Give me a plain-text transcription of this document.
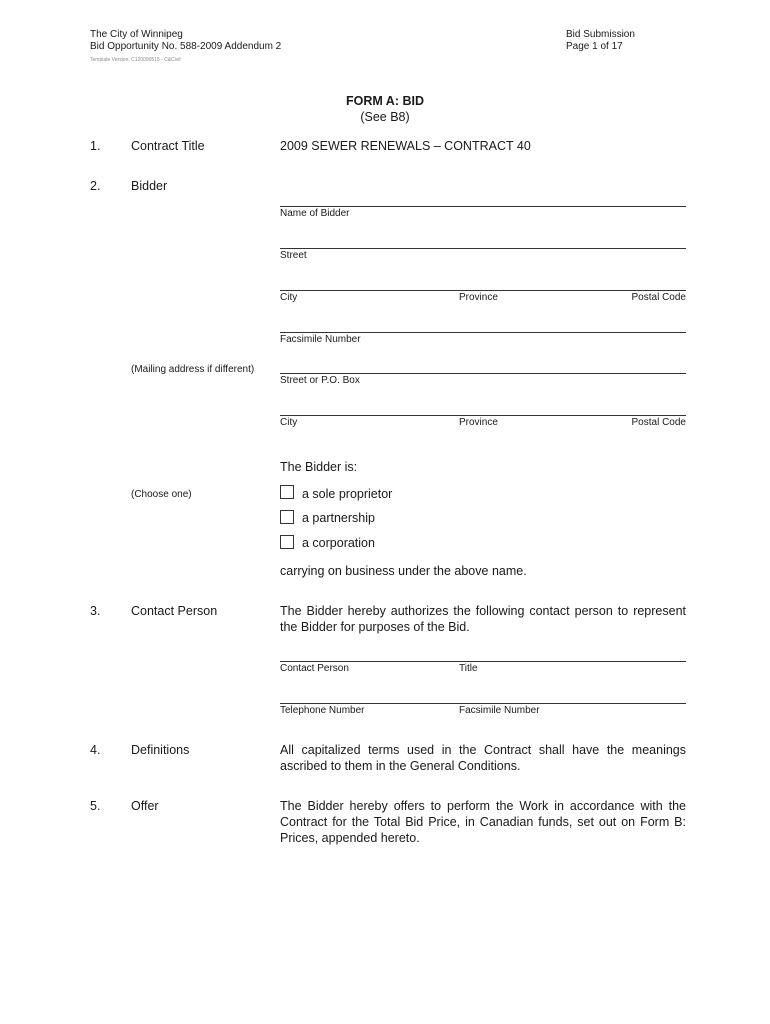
The City of Winnipeg
Bid Opportunity No. 588-2009 Addendum 2
Template Version: C120090515 - C&Civil
Bid Submission
Page 1 of 17
FORM A: BID
(See B8)
1. Contract Title	2009 SEWER RENEWALS – CONTRACT 40
2. Bidder
Name of Bidder
Street
City	Province	Postal Code
Facsimile Number
(Mailing address if different)
Street or P.O. Box
City	Province	Postal Code
The Bidder is:
(Choose one)	a sole proprietor
a partnership
a corporation
carrying on business under the above name.
3. Contact Person	The Bidder hereby authorizes the following contact person to represent the Bidder for purposes of the Bid.
Contact Person	Title
Telephone Number	Facsimile Number
4. Definitions	All capitalized terms used in the Contract shall have the meanings ascribed to them in the General Conditions.
5. Offer	The Bidder hereby offers to perform the Work in accordance with the Contract for the Total Bid Price, in Canadian funds, set out on Form B: Prices, appended hereto.
